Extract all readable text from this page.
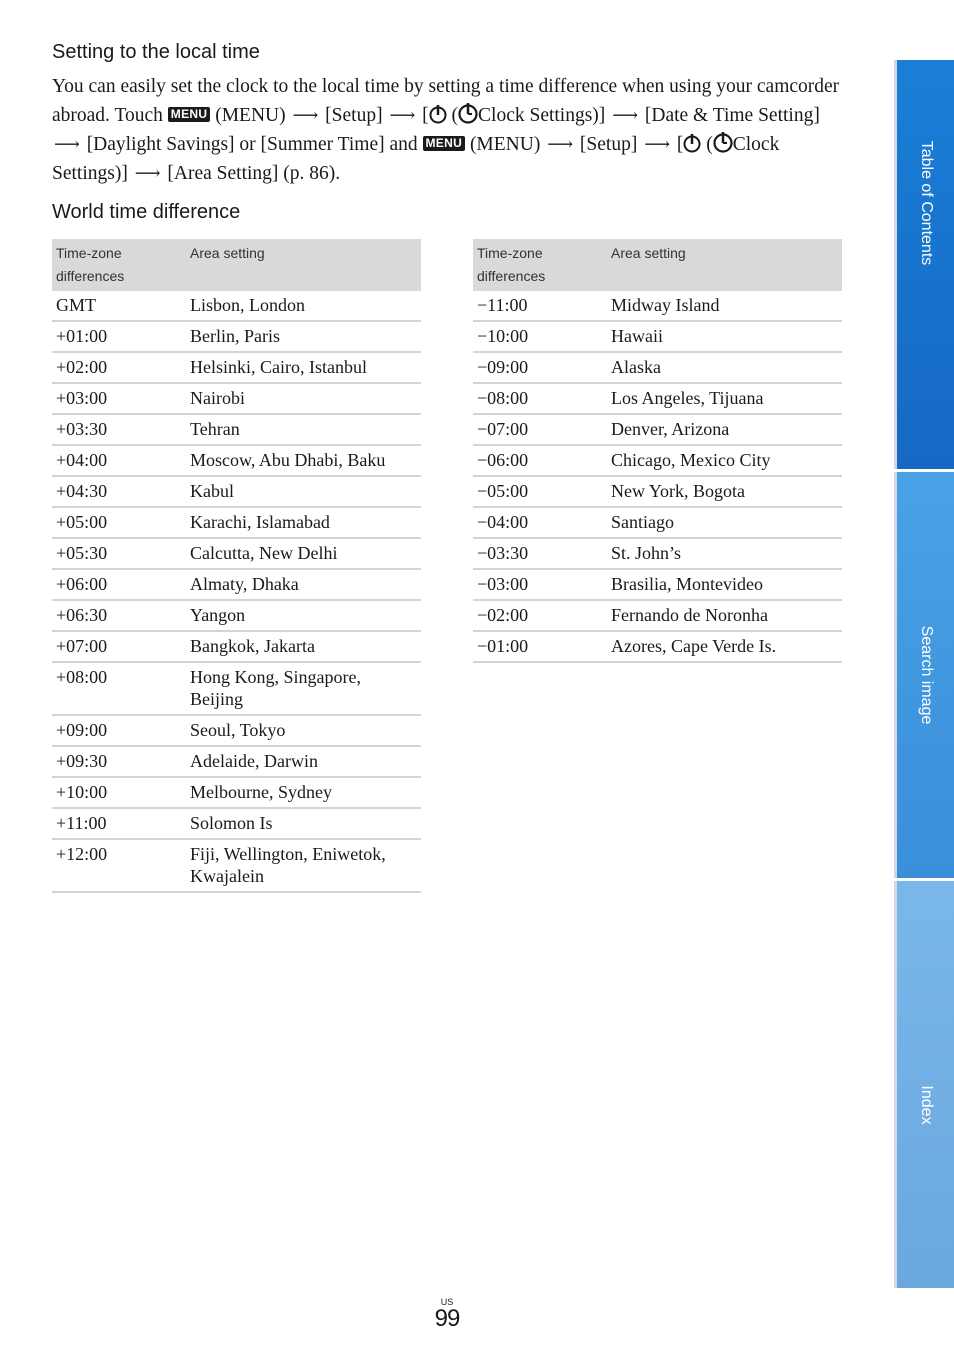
Setting to the local time

You can easily set the clock to the local time by setting a time difference when using your camcorder abroad. Touch MENU (MENU) ⟶ [Setup] ⟶ [ ( Clock Settings)] ⟶ [Date & Time Setting] ⟶ [Daylight Savings] or [Summer Time] and MENU (MENU) ⟶ [Setup] ⟶ [ ( Clock Settings)] ⟶ [Area Setting] (p. 86).

World time difference
Time-zone differences	Area setting
GMT	Lisbon, London
+01:00	Berlin, Paris
+02:00	Helsinki, Cairo, Istanbul
+03:00	Nairobi
+03:30	Tehran
+04:00	Moscow, Abu Dhabi, Baku
+04:30	Kabul
+05:00	Karachi, Islamabad
+05:30	Calcutta, New Delhi
+06:00	Almaty, Dhaka
+06:30	Yangon
+07:00	Bangkok, Jakarta
+08:00	Hong Kong, Singapore, Beijing
+09:00	Seoul, Tokyo
+09:30	Adelaide, Darwin
+10:00	Melbourne, Sydney
+11:00	Solomon Is
+12:00	Fiji, Wellington, Eniwetok, Kwajalein
Time-zone differences	Area setting
−11:00	Midway Island
−10:00	Hawaii
−09:00	Alaska
−08:00	Los Angeles, Tijuana
−07:00	Denver, Arizona
−06:00	Chicago, Mexico City
−05:00	New York, Bogota
−04:00	Santiago
−03:30	St. John’s
−03:00	Brasilia, Montevideo
−02:00	Fernando de Noronha
−01:00	Azores, Cape Verde Is.
Table of Contents
Search image
Index
US
99
